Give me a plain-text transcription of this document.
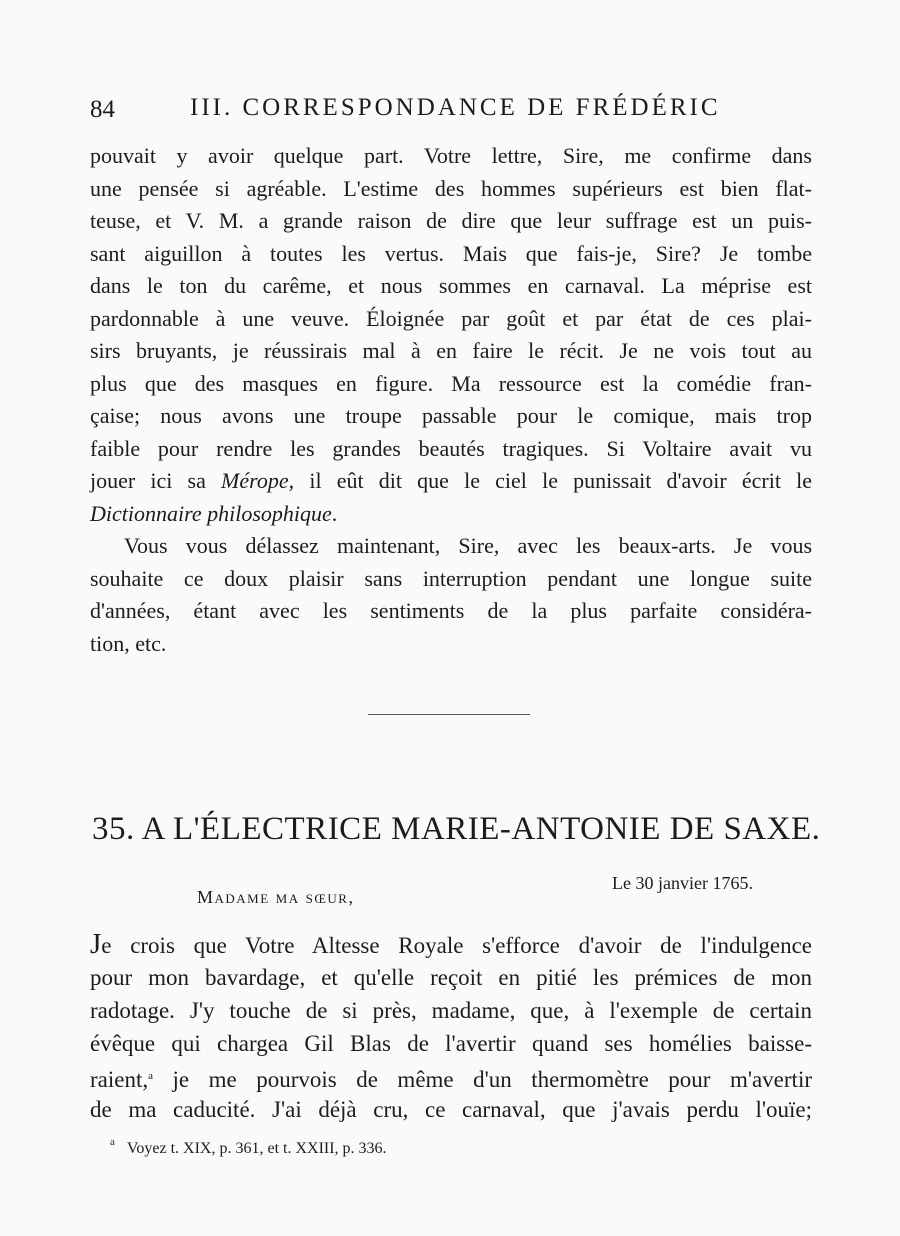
84	III. CORRESPONDANCE DE FRÉDÉRIC
pouvait y avoir quelque part. Votre lettre, Sire, me confirme dans
une pensée si agréable. L'estime des hommes supérieurs est bien flat-
teuse, et V. M. a grande raison de dire que leur suffrage est un puis-
sant aiguillon à toutes les vertus. Mais que fais-je, Sire? Je tombe
dans le ton du carême, et nous sommes en carnaval. La méprise est
pardonnable à une veuve. Éloignée par goût et par état de ces plai-
sirs bruyants, je réussirais mal à en faire le récit. Je ne vois tout au
plus que des masques en figure. Ma ressource est la comédie fran-
çaise; nous avons une troupe passable pour le comique, mais trop
faible pour rendre les grandes beautés tragiques. Si Voltaire avait vu
jouer ici sa Mérope, il eût dit que le ciel le punissait d'avoir écrit le
Dictionnaire philosophique.
Vous vous délassez maintenant, Sire, avec les beaux-arts. Je vous
souhaite ce doux plaisir sans interruption pendant une longue suite
d'années, étant avec les sentiments de la plus parfaite considéra-
tion, etc.
35. A L'ÉLECTRICE MARIE-ANTONIE DE SAXE.
Le 30 janvier 1765.
Madame ma sœur,
Je crois que Votre Altesse Royale s'efforce d'avoir de l'indulgence
pour mon bavardage, et qu'elle reçoit en pitié les prémices de mon
radotage. J'y touche de si près, madame, que, à l'exemple de certain
évêque qui chargea Gil Blas de l'avertir quand ses homélies baisse-
raient,$^a$ je me pourvois de même d'un thermomètre pour m'avertir
de ma caducité. J'ai déjà cru, ce carnaval, que j'avais perdu l'ouïe;
$^a$ Voyez t. XIX, p. 361, et t. XXIII, p. 336.
